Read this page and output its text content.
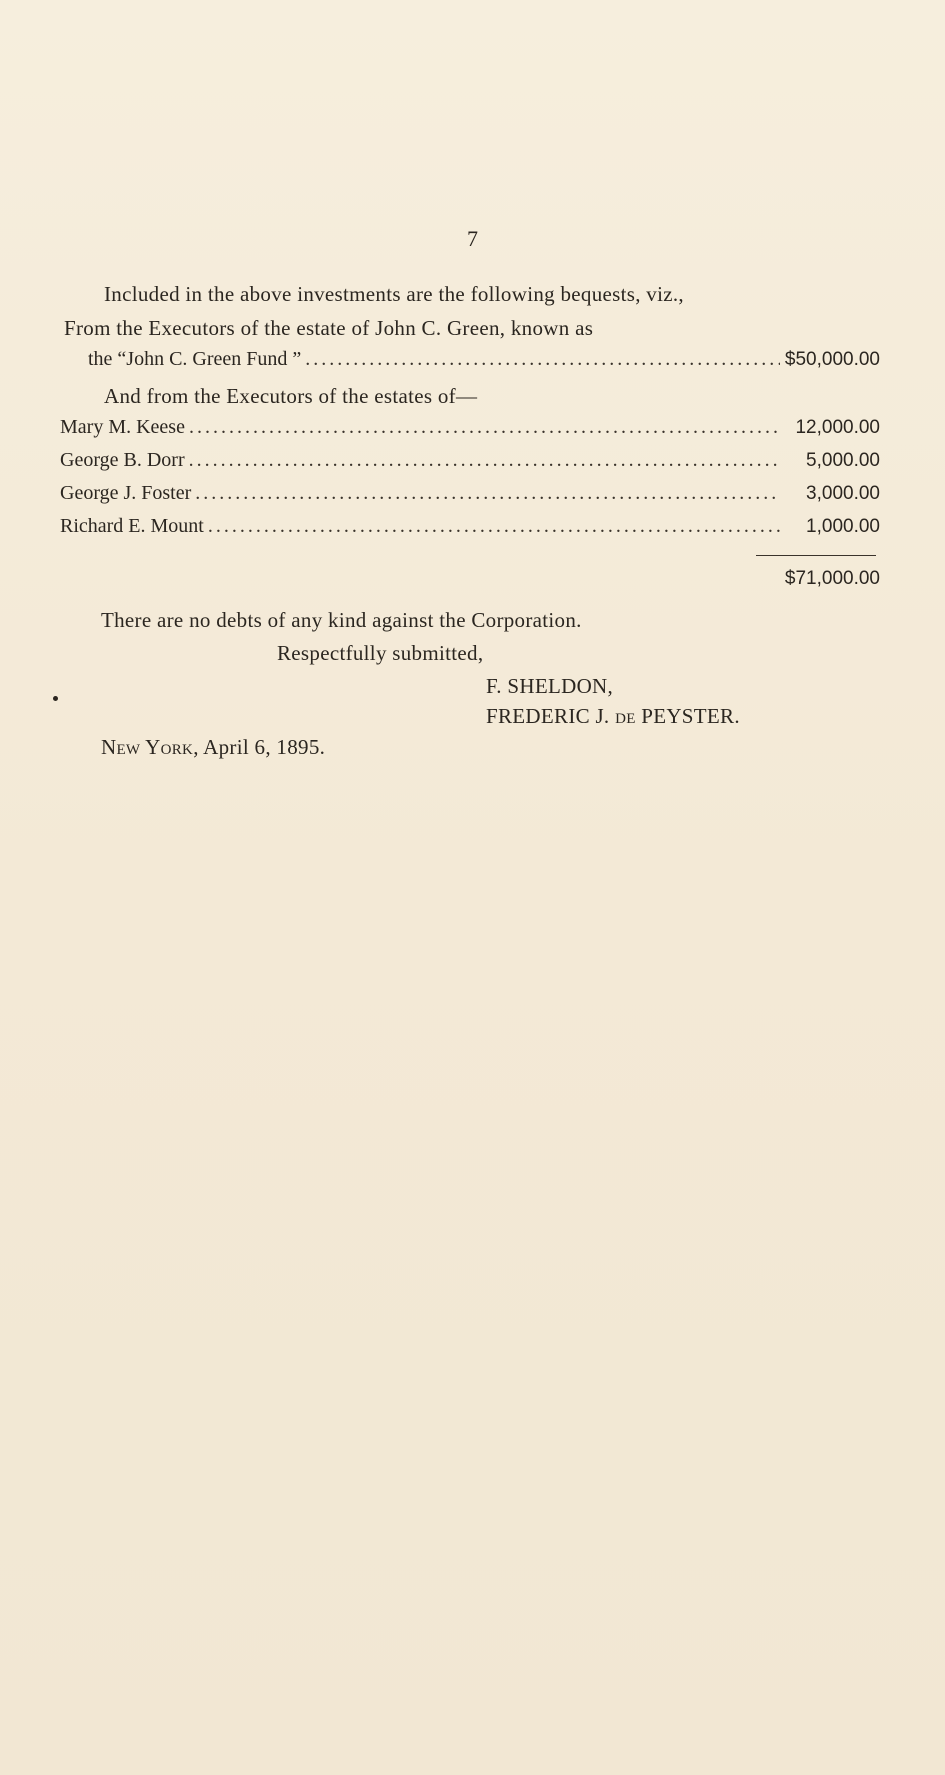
7
Included in the above investments are the following bequests, viz.,
From the Executors of the estate of John C. Green, known as
the “John C. Green Fund ” . . .	$50,000.00
And from the Executors of the estates of—
Mary M. Keese . . .	12,000.00
George B. Dorr . . .	5,000.00
George J. Foster . . .	3,000.00
Richard E. Mount . . .	1,000.00
$71,000.00
There are no debts of any kind against the Corporation.
Respectfully submitted,
F. SHELDON,
FREDERIC J. de PEYSTER.
New York, April 6, 1895.
